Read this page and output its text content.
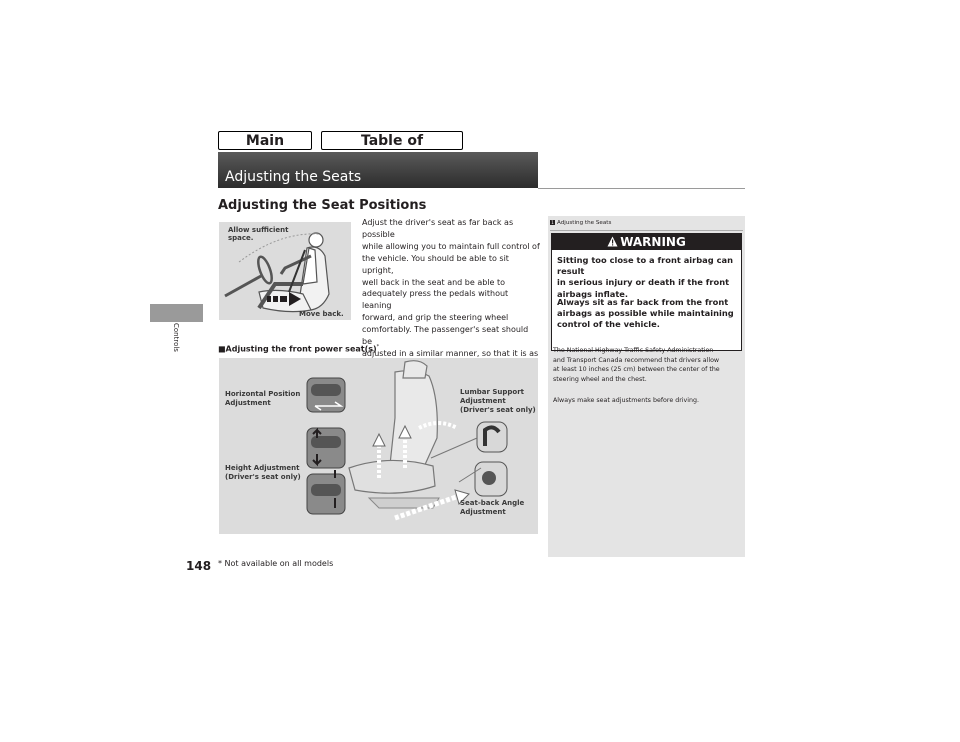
Main	Table of
Adjusting the Seats
Controls
Adjusting the Seat Positions
Allow sufficient
space.
Move back.
Adjust the driver's seat as far back as possible
while allowing you to maintain full control of
the vehicle. You should be able to sit upright,
well back in the seat and be able to
adequately press the pedals without leaning
forward, and grip the steering wheel
comfortably. The passenger's seat should be
adjusted in a similar manner, so that it is as
■Adjusting the front power seat(s)*
Horizontal Position
Adjustment
Height Adjustment
(Driver's seat only)
Lumbar Support
Adjustment
(Driver's seat only)
Seat-back Angle
Adjustment
1 Adjusting the Seats
WARNING
Sitting too close to a front airbag can result
in serious injury or death if the front
airbags inflate.
Always sit as far back from the front
airbags as possible while maintaining
control of the vehicle.
The National Highway Traffic Safety Administration
and Transport Canada recommend that drivers allow
at least 10 inches (25 cm) between the center of the
steering wheel and the chest.
Always make seat adjustments before driving.
148 * Not available on all models
